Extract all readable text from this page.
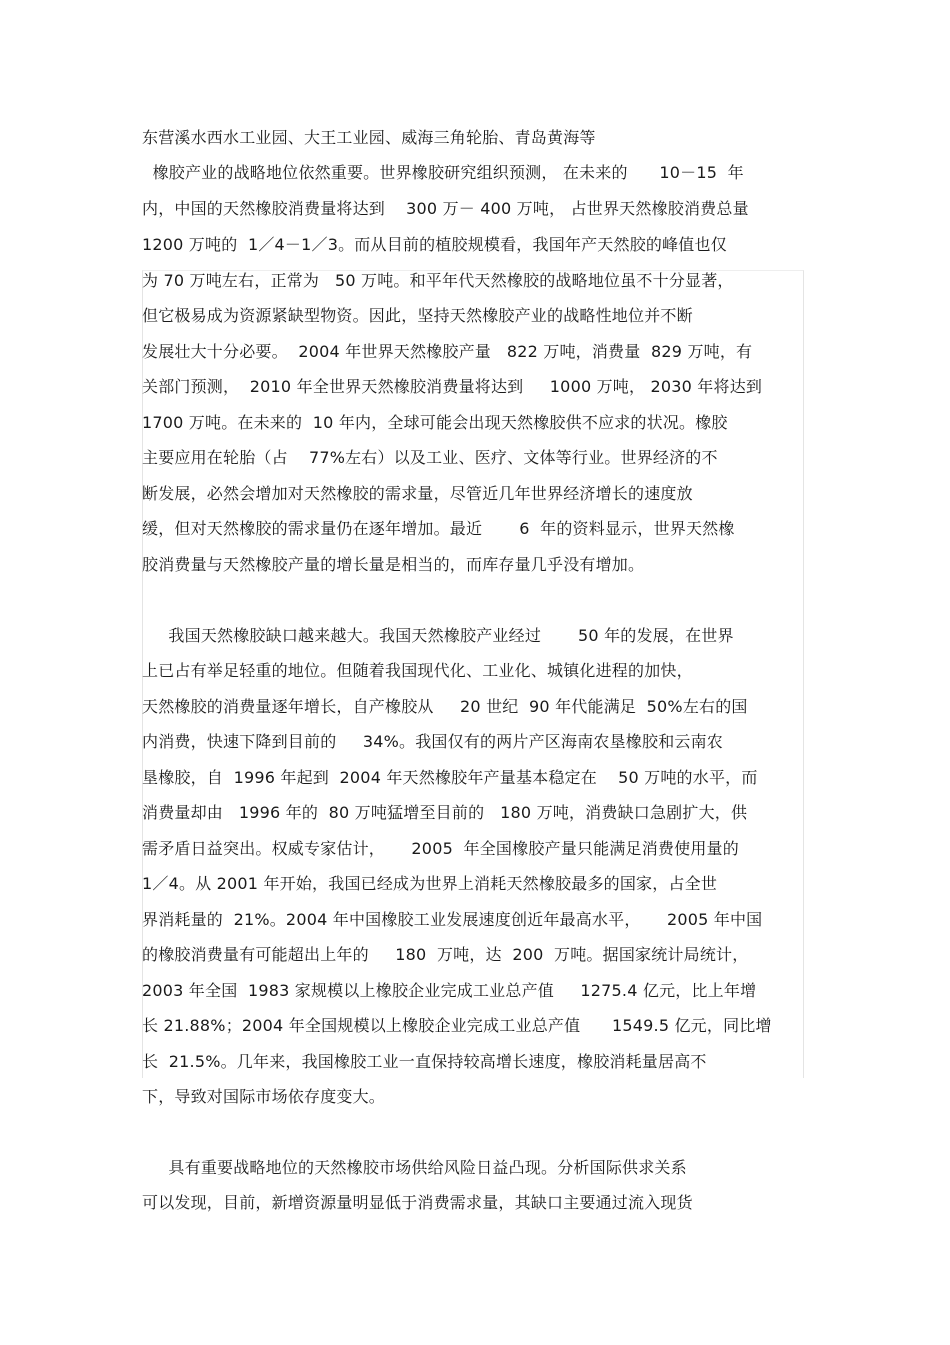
东营溪水西水工业园、大王工业园、威海三角轮胎、青岛黄海等
橡胶产业的战略地位依然重要。世界橡胶研究组织预测， 在未来的      10－15  年
内，中国的天然橡胶消费量将达到    300 万－ 400 万吨， 占世界天然橡胶消费总量
1200 万吨的  1／4－1／3。而从目前的植胶规模看，我国年产天然胶的峰值也仅
为 70 万吨左右，正常为   50 万吨。和平年代天然橡胶的战略地位虽不十分显著，
但它极易成为资源紧缺型物资。因此，坚持天然橡胶产业的战略性地位并不断
发展壮大十分必要。  2004 年世界天然橡胶产量   822 万吨，消费量  829 万吨，有
关部门预测，  2010 年全世界天然橡胶消费量将达到     1000 万吨， 2030 年将达到
1700 万吨。在未来的  10 年内，全球可能会出现天然橡胶供不应求的状况。橡胶
主要应用在轮胎（占    77%左右）以及工业、医疗、文体等行业。世界经济的不
断发展，必然会增加对天然橡胶的需求量，尽管近几年世界经济增长的速度放
缓，但对天然橡胶的需求量仍在逐年增加。最近       6  年的资料显示，世界天然橡
胶消费量与天然橡胶产量的增长量是相当的，而库存量几乎没有增加。
我国天然橡胶缺口越来越大。我国天然橡胶产业经过       50 年的发展，在世界
上已占有举足轻重的地位。但随着我国现代化、工业化、城镇化进程的加快，
天然橡胶的消费量逐年增长，自产橡胶从     20 世纪  90 年代能满足  50%左右的国
内消费，快速下降到目前的     34%。我国仅有的两片产区海南农垦橡胶和云南农
垦橡胶，自  1996 年起到  2004 年天然橡胶年产量基本稳定在    50 万吨的水平，而
消费量却由   1996 年的  80 万吨猛增至目前的   180 万吨，消费缺口急剧扩大，供
需矛盾日益突出。权威专家估计，     2005  年全国橡胶产量只能满足消费使用量的
1／4。从 2001 年开始，我国已经成为世界上消耗天然橡胶最多的国家，占全世
界消耗量的  21%。2004 年中国橡胶工业发展速度创近年最高水平，     2005 年中国
的橡胶消费量有可能超出上年的     180  万吨，达  200  万吨。据国家统计局统计，
2003 年全国  1983 家规模以上橡胶企业完成工业总产值     1275.4 亿元，比上年增
长 21.88%；2004 年全国规模以上橡胶企业完成工业总产值      1549.5 亿元，同比增
长  21.5%。几年来，我国橡胶工业一直保持较高增长速度，橡胶消耗量居高不
下，导致对国际市场依存度变大。
具有重要战略地位的天然橡胶市场供给风险日益凸现。分析国际供求关系
可以发现，目前，新增资源量明显低于消费需求量，其缺口主要通过流入现货
